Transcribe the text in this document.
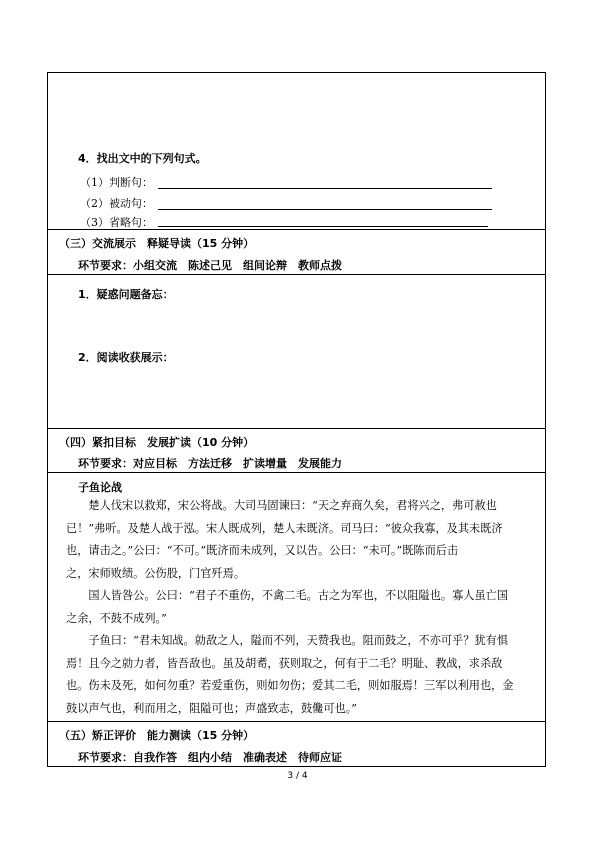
4．找出文中的下列句式。
（1）判断句：
（2）被动句：
（3）省略句：
（三）交流展示　释疑导读（15 分钟）
环节要求：小组交流　陈述己见　组间论辩　教师点拨
1．疑惑问题备忘：
2．阅读收获展示：
（四）紧扣目标　发展扩读（10 分钟）
环节要求：对应目标　方法迁移　扩读增量　发展能力
子鱼论战

　　楚人伐宋以救郑，宋公将战。大司马固谏曰：“天之弃商久矣，君将兴之，弗可赦也

已！”弗听。及楚人战于泓。宋人既成列，楚人未既济。司马曰：“彼众我寡，及其未既济

也，请击之。”公曰：“不可。”既济而未成列，又以告。公曰：“未可。”既陈而后击

之，宋师败绩。公伤股，门官歼焉。

　　国人皆咎公。公曰：“君子不重伤，不禽二毛。古之为军也，不以阻隘也。寡人虽亡国

之余，不鼓不成列。”

　　子鱼曰：“君未知战。勍敌之人，隘而不列，天赞我也。阻而鼓之，不亦可乎？犹有惧

焉！且今之勍力者，皆吾敌也。虽及胡耉，获则取之，何有于二毛？明耻、教战，求杀敌

也。伤未及死，如何勿重？若爱重伤，则如勿伤；爱其二毛，则如服焉！三军以利用也，金

鼓以声气也，利而用之，阻隘可也；声盛致志，鼓儳可也。”

（五）矫正评价　能力测读（15 分钟）
环节要求：自我作答　组内小结　准确表述　待师应证
3 / 4
